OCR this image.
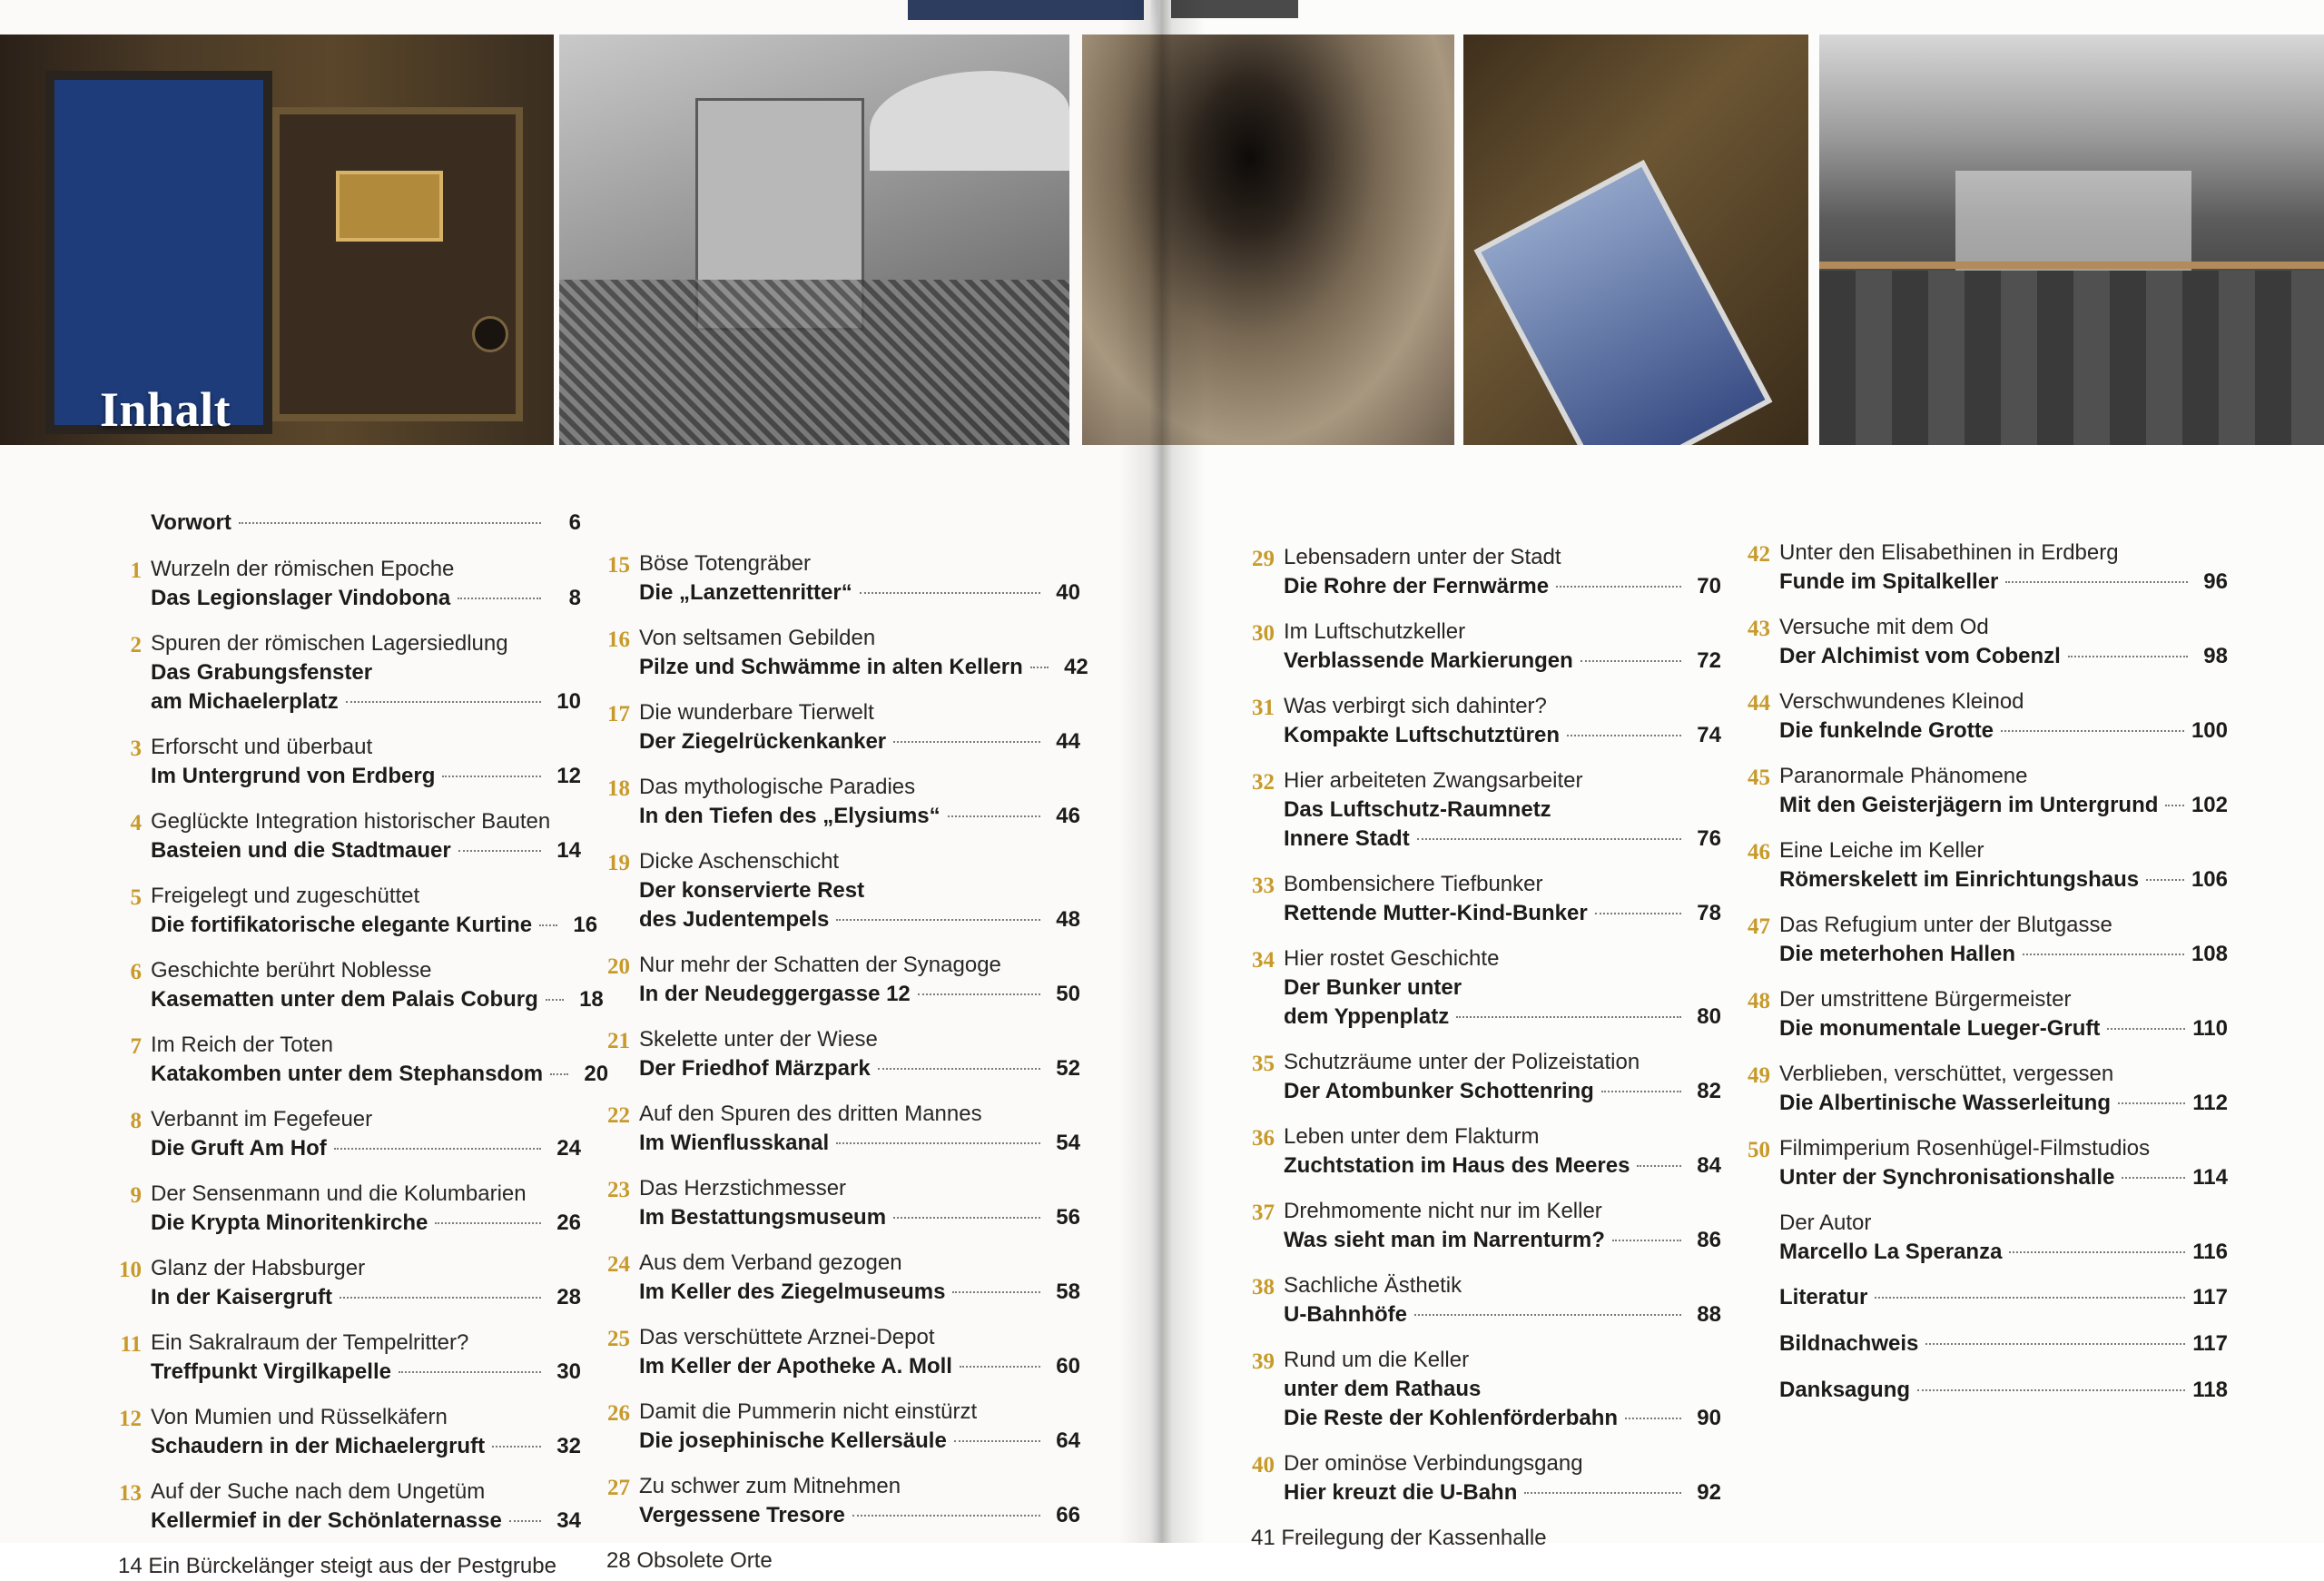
Inhalt
Vorwort	6
1 Wurzeln der römischen Epoche
Das Legionslager Vindobona	8
2 Spuren der römischen Lagersiedlung
Das Grabungsfenster
am Michaelerplatz	10
3 Erforscht und überbaut
Im Untergrund von Erdberg	12
4 Geglückte Integration historischer Bauten
Basteien und die Stadtmauer	14
5 Freigelegt und zugeschüttet
Die fortifikatorische elegante Kurtine	16
6 Geschichte berührt Noblesse
Kasematten unter dem Palais Coburg	18
7 Im Reich der Toten
Katakomben unter dem Stephansdom	20
8 Verbannt im Fegefeuer
Die Gruft Am Hof	24
9 Der Sensenmann und die Kolumbarien
Die Krypta Minoritenkirche	26
10 Glanz der Habsburger
In der Kaisergruft	28
11 Ein Sakralraum der Tempelritter?
Treffpunkt Virgilkapelle	30
12 Von Mumien und Rüsselkäfern
Schaudern in der Michaelergruft	32
13 Auf der Suche nach dem Ungetüm
Kellermief in der Schönlaternasse	34
14 Ein Bürckelänger steigt aus der Pestgrube
15 Böse Totengräber
Die „Lanzettenritter“	40
16 Von seltsamen Gebilden
Pilze und Schwämme in alten Kellern	42
17 Die wunderbare Tierwelt
Der Ziegelrückenkanker	44
18 Das mythologische Paradies
In den Tiefen des „Elysiums“	46
19 Dicke Aschenschicht
Der konservierte Rest
des Judentempels	48
20 Nur mehr der Schatten der Synagoge
In der Neudeggergasse 12	50
21 Skelette unter der Wiese
Der Friedhof Märzpark	52
22 Auf den Spuren des dritten Mannes
Im Wienflusskanal	54
23 Das Herzstichmesser
Im Bestattungsmuseum	56
24 Aus dem Verband gezogen
Im Keller des Ziegelmuseums	58
25 Das verschüttete Arznei-Depot
Im Keller der Apotheke A. Moll	60
26 Damit die Pummerin nicht einstürzt
Die josephinische Kellersäule	64
27 Zu schwer zum Mitnehmen
Vergessene Tresore	66
28 Obsolete Orte
29 Lebensadern unter der Stadt
Die Rohre der Fernwärme	70
30 Im Luftschutzkeller
Verblassende Markierungen	72
31 Was verbirgt sich dahinter?
Kompakte Luftschutztüren	74
32 Hier arbeiteten Zwangsarbeiter
Das Luftschutz-Raumnetz
Innere Stadt	76
33 Bombensichere Tiefbunker
Rettende Mutter-Kind-Bunker	78
34 Hier rostet Geschichte
Der Bunker unter
dem Yppenplatz	80
35 Schutzräume unter der Polizeistation
Der Atombunker Schottenring	82
36 Leben unter dem Flakturm
Zuchtstation im Haus des Meeres	84
37 Drehmomente nicht nur im Keller
Was sieht man im Narrenturm?	86
38 Sachliche Ästhetik
U-Bahnhöfe	88
39 Rund um die Keller
unter dem Rathaus
Die Reste der Kohlenförderbahn	90
40 Der ominöse Verbindungsgang
Hier kreuzt die U-Bahn	92
41 Freilegung der Kassenhalle
42 Unter den Elisabethinen in Erdberg
Funde im Spitalkeller	96
43 Versuche mit dem Od
Der Alchimist vom Cobenzl	98
44 Verschwundenes Kleinod
Die funkelnde Grotte	100
45 Paranormale Phänomene
Mit den Geisterjägern im Untergrund 102
46 Eine Leiche im Keller
Römerskelett im Einrichtungshaus 106
47 Das Refugium unter der Blutgasse
Die meterhohen Hallen	108
48 Der umstrittene Bürgermeister
Die monumentale Lueger-Gruft	110
49 Verblieben, verschüttet, vergessen
Die Albertinische Wasserleitung	112
50 Filmimperium Rosenhügel-Filmstudios
Unter der Synchronisationshalle	114
Der Autor
Marcello La Speranza	116
Literatur	117
Bildnachweis	117
Danksagung	118
